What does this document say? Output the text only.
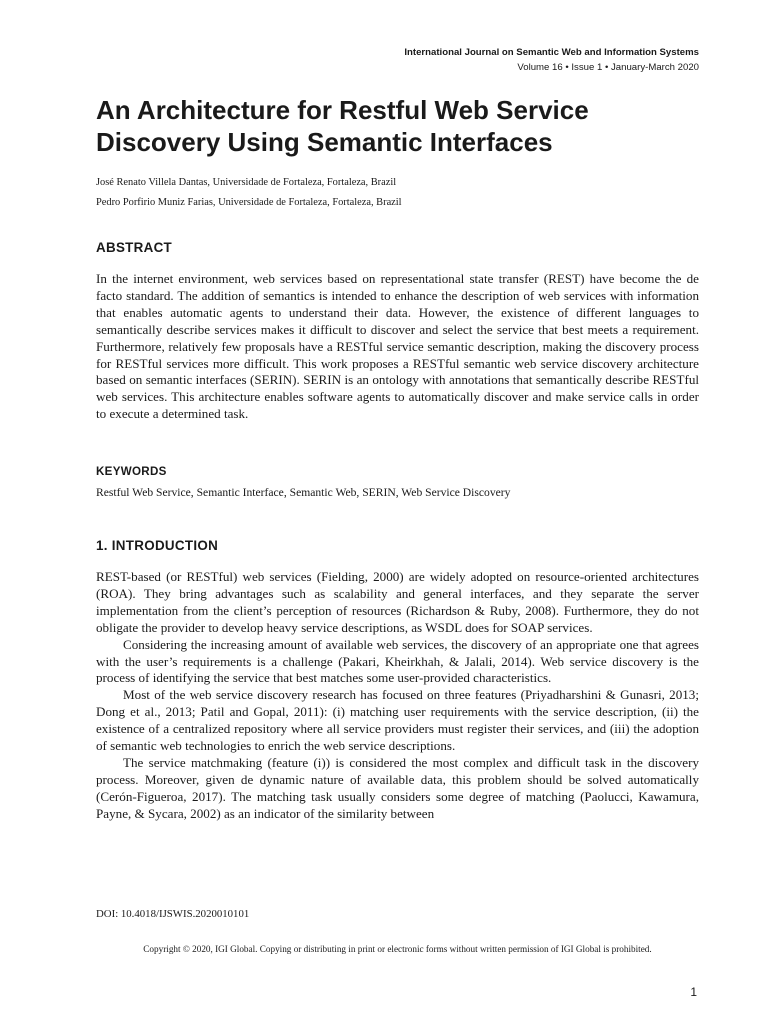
International Journal on Semantic Web and Information Systems
Volume 16 • Issue 1 • January-March 2020
An Architecture for Restful Web Service Discovery Using Semantic Interfaces
José Renato Villela Dantas, Universidade de Fortaleza, Fortaleza, Brazil
Pedro Porfirio Muniz Farias, Universidade de Fortaleza, Fortaleza, Brazil
ABSTRACT

In the internet environment, web services based on representational state transfer (REST) have become the de facto standard. The addition of semantics is intended to enhance the description of web services with information that enables automatic agents to understand their data. However, the existence of different languages to semantically describe services makes it difficult to discover and select the service that best meets a requirement. Furthermore, relatively few proposals have a RESTful service semantic description, making the discovery process for RESTful services more difficult. This work proposes a RESTful semantic web service discovery architecture based on semantic interfaces (SERIN). SERIN is an ontology with annotations that semantically describe RESTful web services. This architecture enables software agents to automatically discover and make service calls in order to execute a determined task.

KEYWORDS
Restful Web Service, Semantic Interface, Semantic Web, SERIN, Web Service Discovery
1. INTRODUCTION

REST-based (or RESTful) web services (Fielding, 2000) are widely adopted on resource-oriented architectures (ROA). They bring advantages such as scalability and general interfaces, and they separate the server implementation from the client’s perception of resources (Richardson & Ruby, 2008). Furthermore, they do not obligate the provider to develop heavy service descriptions, as WSDL does for SOAP services.

Considering the increasing amount of available web services, the discovery of an appropriate one that agrees with the user’s requirements is a challenge (Pakari, Kheirkhah, & Jalali, 2014). Web service discovery is the process of identifying the service that best matches some user-provided characteristics.

Most of the web service discovery research has focused on three features (Priyadharshini & Gunasri, 2013; Dong et al., 2013; Patil and Gopal, 2011): (i) matching user requirements with the service description, (ii) the existence of a centralized repository where all service providers must register their services, and (iii) the adoption of semantic web technologies to enrich the web service descriptions.

The service matchmaking (feature (i)) is considered the most complex and difficult task in the discovery process. Moreover, given de dynamic nature of available data, this problem should be solved automatically (Cerón-Figueroa, 2017). The matching task usually considers some degree of matching (Paolucci, Kawamura, Payne, & Sycara, 2002) as an indicator of the similarity between

DOI: 10.4018/IJSWIS.2020010101
Copyright © 2020, IGI Global. Copying or distributing in print or electronic forms without written permission of IGI Global is prohibited.
1
